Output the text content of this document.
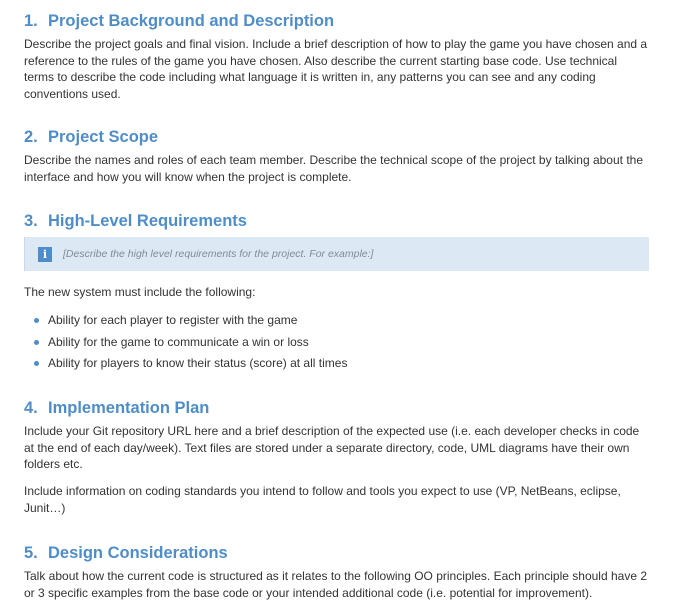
1. Project Background and Description

Describe the project goals and final vision. Include a brief description of how to play the game you have chosen and a reference to the rules of the game you have chosen. Also describe the current starting base code. Use technical terms to describe the code including what language it is written in, any patterns you can see and any coding conventions used.

2. Project Scope

Describe the names and roles of each team member. Describe the technical scope of the project by talking about the interface and how you will know when the project is complete.

3. High-Level Requirements
i	[Describe the high level requirements for the project. For example:]

The new system must include the following:

Ability for each player to register with the game
Ability for the game to communicate a win or loss
Ability for players to know their status (score) at all times
4. Implementation Plan

Include your Git repository URL here and a brief description of the expected use (i.e. each developer checks in code at the end of each day/week). Text files are stored under a separate directory, code, UML diagrams have their own folders etc.

Include information on coding standards you intend to follow and tools you expect to use (VP, NetBeans, eclipse, Junit…)

5. Design Considerations

Talk about how the current code is structured as it relates to the following OO principles. Each principle should have 2 or 3 specific examples from the base code or your intended additional code (i.e. potential for improvement).
